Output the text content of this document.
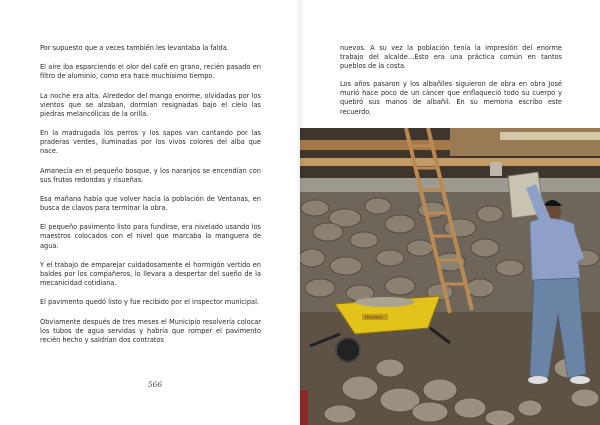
Por supuesto que a veces también les levantaba la falda.

El aire iba esparciendo el olor del café en grano, recién pasado en filtro de aluminio, como era hace muchísimo tiempo.

La noche era alta. Alrededor del mango enorme, olvidadas por los vientos que se alzaban, dormían resignadas bajo el cielo las piedras melancólicas de la orilla.

En la madrugada los perros y los sapos van cantando por las praderas verdes, iluminadas por los vivos colores del alba que nace.

Amanecía en el pequeño bosque, y los naranjos se encendían con sus frutas redondas y risueñas.

Esa mañana había que volver hacia la población de Ventanas, en busca de clavos para terminar la obra.

El pequeño pavimento listo para fundirse, era nivelado usando los maestros colocados con el nivel que marcaba la manguera de agua.

Y el trabajo de emparejar cuidadosamente el hormigón vertido en baldes por los compañeros, lo llevara a despertar del sueño de la mecanicidad cotidiana.

El pavimento quedó listo y fue recibido por el inspector municipal.

Obviamente después de tres meses el Municipio resolvería colocar los tubos de agua servidas y habría que romper el pavimento recién hecho y saldrían dos contratos

566

nuevos. A su vez la población tenía la impresión del enorme trabajo del alcalde…Esto era una práctica común en tantos pueblos de la costa.

Los años pasaron y los albañiles siguieron de obra en obra José murió hace poco de un cáncer que enflaqueció todo su cuerpo y quebró sus manos de albañil. En su memoria escribo este recuerdo.

TRUPER
